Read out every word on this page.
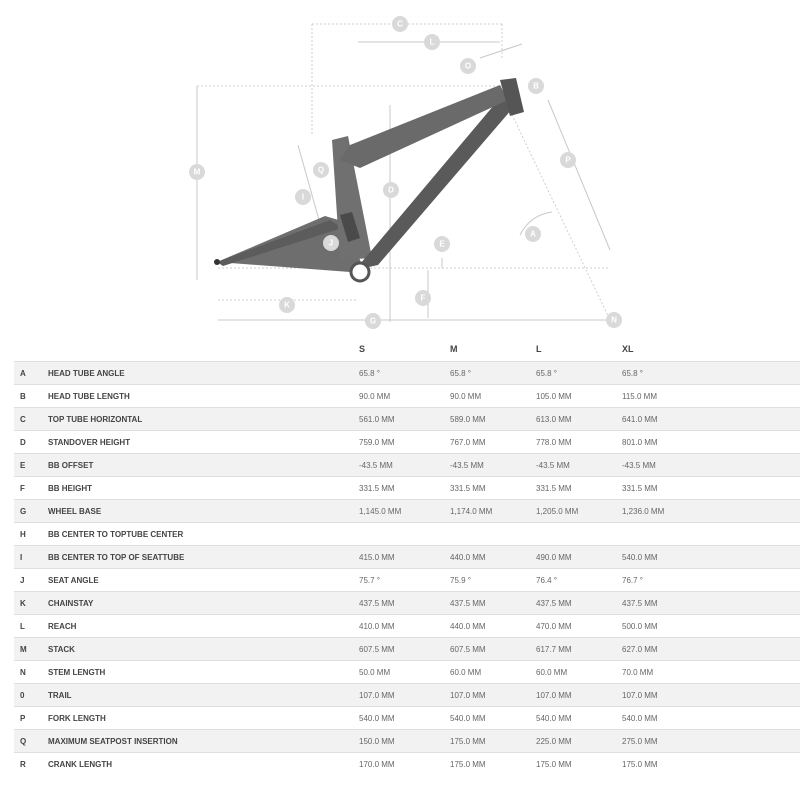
C
L
O
B
M	Q
P
D
I
A
E
J
F
K
G	N
		S	M	L	XL
A	HEAD TUBE ANGLE	65.8 °	65.8 °	65.8 °	65.8 °
B	HEAD TUBE LENGTH	90.0 MM	90.0 MM	105.0 MM	115.0 MM
C	TOP TUBE HORIZONTAL	561.0 MM	589.0 MM	613.0 MM	641.0 MM
D	STANDOVER HEIGHT	759.0 MM	767.0 MM	778.0 MM	801.0 MM
E	BB OFFSET	-43.5 MM	-43.5 MM	-43.5 MM	-43.5 MM
F	BB HEIGHT	331.5 MM	331.5 MM	331.5 MM	331.5 MM
G	WHEEL BASE	1,145.0 MM	1,174.0 MM	1,205.0 MM	1,236.0 MM
H	BB CENTER TO TOPTUBE CENTER				
I	BB CENTER TO TOP OF SEATTUBE	415.0 MM	440.0 MM	490.0 MM	540.0 MM
J	SEAT ANGLE	75.7 °	75.9 °	76.4 °	76.7 °
K	CHAINSTAY	437.5 MM	437.5 MM	437.5 MM	437.5 MM
L	REACH	410.0 MM	440.0 MM	470.0 MM	500.0 MM
M	STACK	607.5 MM	607.5 MM	617.7 MM	627.0 MM
N	STEM LENGTH	50.0 MM	60.0 MM	60.0 MM	70.0 MM
0	TRAIL	107.0 MM	107.0 MM	107.0 MM	107.0 MM
P	FORK LENGTH	540.0 MM	540.0 MM	540.0 MM	540.0 MM
Q	MAXIMUM SEATPOST INSERTION	150.0 MM	175.0 MM	225.0 MM	275.0 MM
R	CRANK LENGTH	170.0 MM	175.0 MM	175.0 MM	175.0 MM
